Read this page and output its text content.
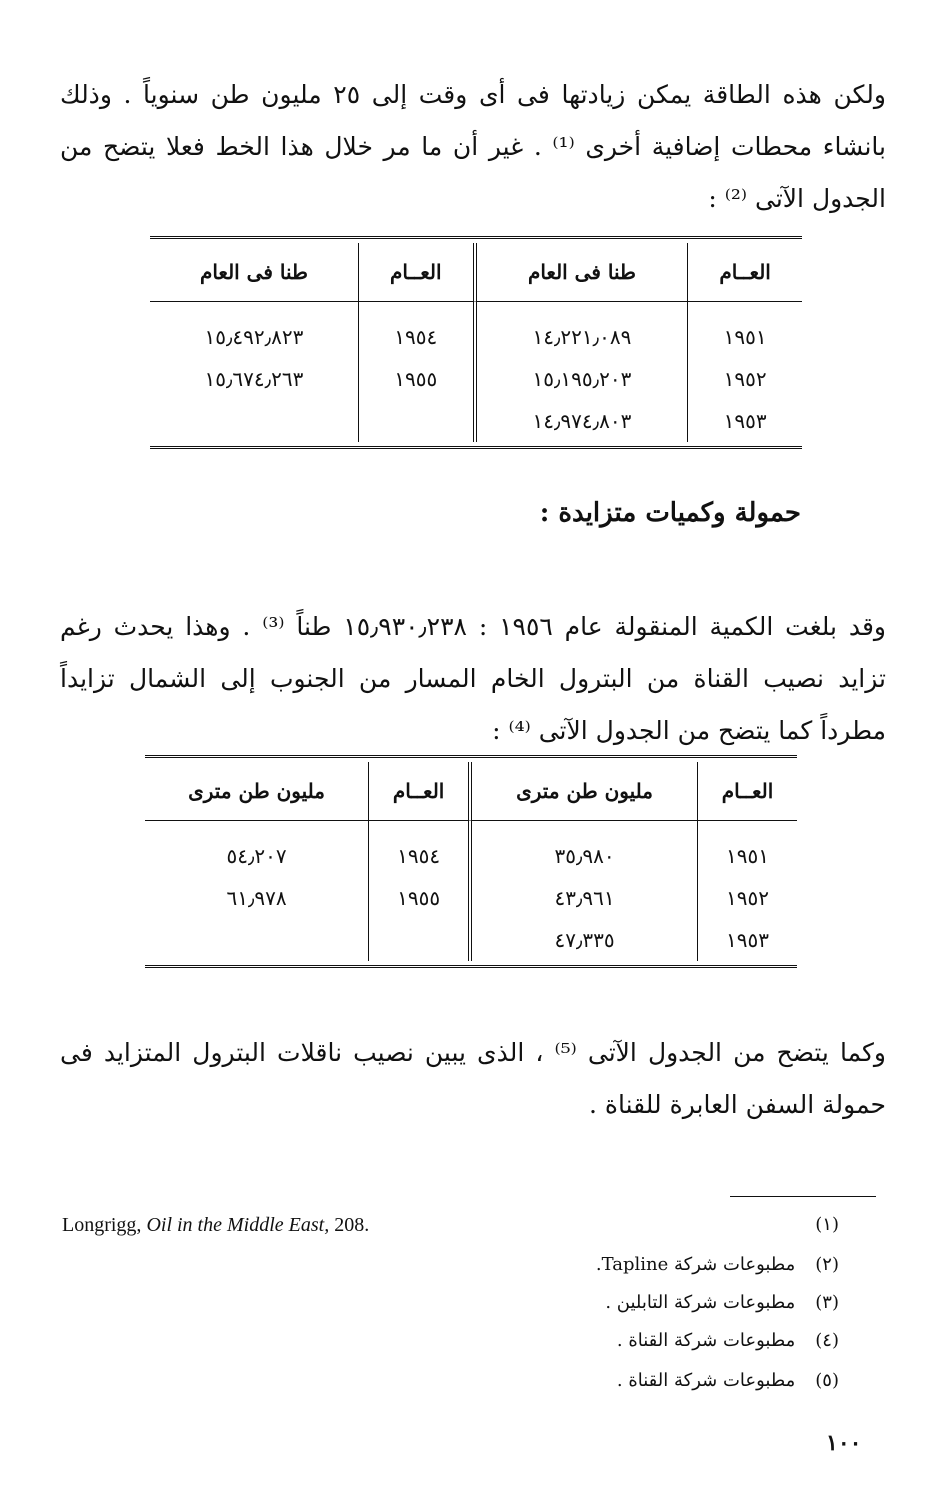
ولكن هذه الطاقة يمكن زيادتها فى أى وقت إلى ٢٥ مليون طن سنوياً . وذلك بانشاء محطات إضافية أخرى ⁽¹⁾ . غير أن ما مر خلال هذا الخط فعلا يتضح من الجدول الآتى ⁽²⁾ :

العــام	طنا فى العام	العــام	طنا فى العام
١٩٥١	١٤٫٢٢١٫٠٨٩	١٩٥٤	١٥٫٤٩٢٫٨٢٣
١٩٥٢	١٥٫١٩٥٫٢٠٣	١٩٥٥	١٥٫٦٧٤٫٢٦٣
١٩٥٣	١٤٫٩٧٤٫٨٠٣		

حمولة وكميات متزايدة :

وقد بلغت الكمية المنقولة عام ١٩٥٦ : ١٥٫٩٣٠٫٢٣٨ طناً ⁽³⁾ . وهذا يحدث رغم تزايد نصيب القناة من البترول الخام المسار من الجنوب إلى الشمال تزايداً مطرداً كما يتضح من الجدول الآتى ⁽⁴⁾ :

العــام	مليون طن مترى	العــام	مليون طن مترى
١٩٥١	٣٥٫٩٨٠	١٩٥٤	٥٤٫٢٠٧
١٩٥٢	٤٣٫٩٦١	١٩٥٥	٦١٫٩٧٨
١٩٥٣	٤٧٫٣٣٥		

وكما يتضح من الجدول الآتى ⁽⁵⁾ ، الذى يبين نصيب ناقلات البترول المتزايد فى حمولة السفن العابرة للقناة .

(١)
Longrigg, Oil in the Middle East, 208.
(٢) مطبوعات شركة Tapline.
(٣) مطبوعات شركة التابلين .
(٤) مطبوعات شركة القناة .
(٥) مطبوعات شركة القناة .
١٠٠
